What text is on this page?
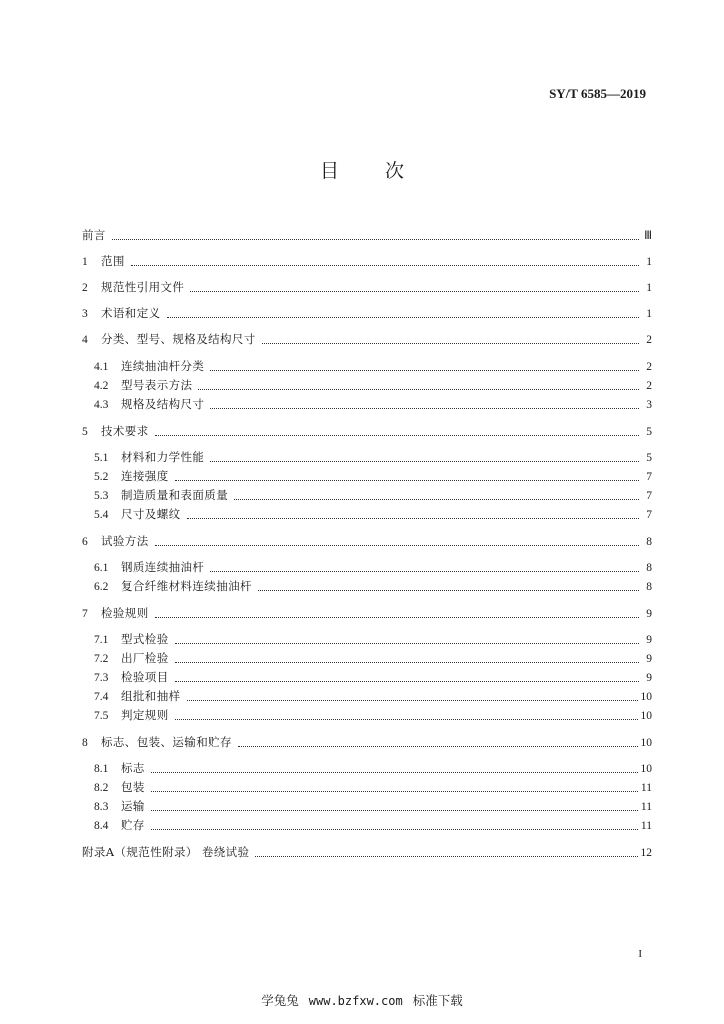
SY/T 6585—2019
目 次
前言	Ⅲ
1	范围	1
2	规范性引用文件	1
3	术语和定义	1
4	分类、型号、规格及结构尺寸	2
4.1	连续抽油杆分类	2
4.2	型号表示方法	2
4.3	规格及结构尺寸	3
5	技术要求	5
5.1	材料和力学性能	5
5.2	连接强度	7
5.3	制造质量和表面质量	7
5.4	尺寸及螺纹	7
6	试验方法	8
6.1	钢质连续抽油杆	8
6.2	复合纤维材料连续抽油杆	8
7	检验规则	9
7.1	型式检验	9
7.2	出厂检验	9
7.3	检验项目	9
7.4	组批和抽样	10
7.5	判定规则	10
8	标志、包装、运输和贮存	10
8.1	标志	10
8.2	包装	11
8.3	运输	11
8.4	贮存	11
附录A（规范性附录） 卷绕试验	12
I
学兔兔 www.bzfxw.com 标准下载
